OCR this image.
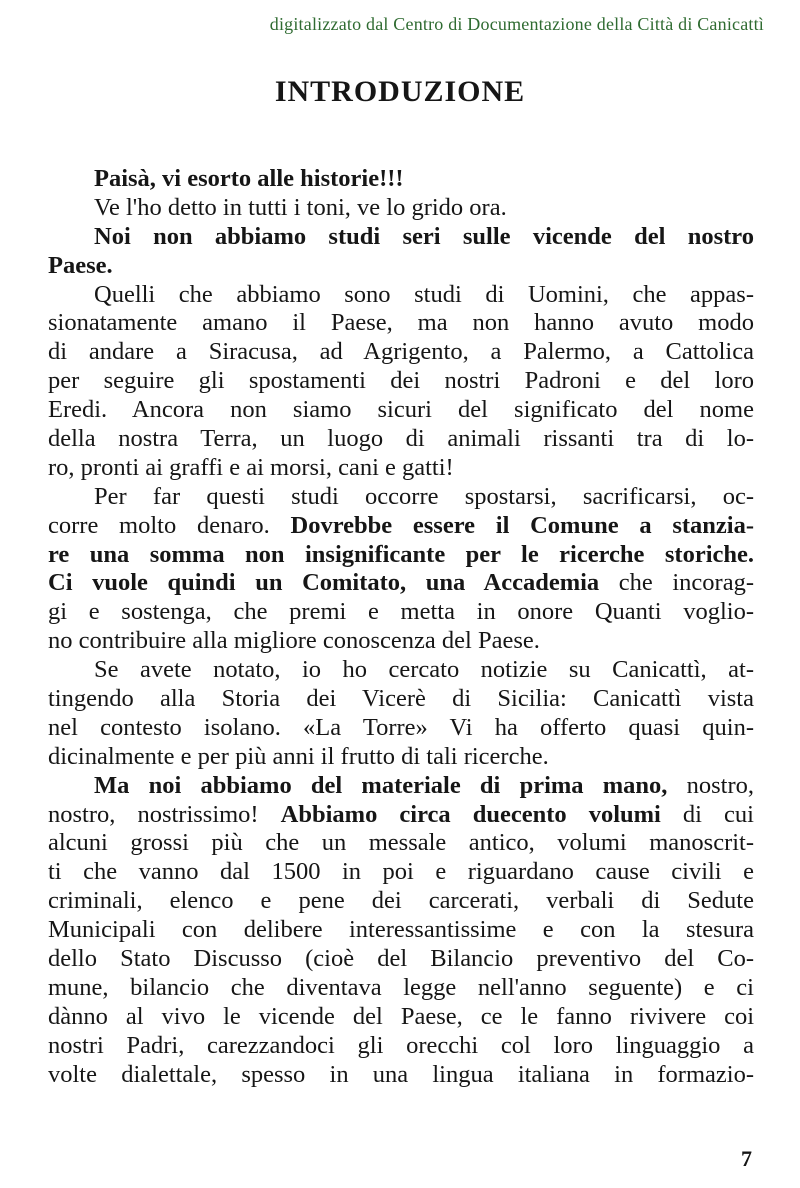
digitalizzato dal Centro di Documentazione della Città di Canicattì
INTRODUZIONE
Paisà, vi esorto alle historie!!!
Ve l'ho detto in tutti i toni, ve lo grido ora.
Noi non abbiamo studi seri sulle vicende del nostro
Paese.
Quelli che abbiamo sono studi di Uomini, che appas-
sionatamente amano il Paese, ma non hanno avuto modo
di andare a Siracusa, ad Agrigento, a Palermo, a Cattolica
per seguire gli spostamenti dei nostri Padroni e del loro
Eredi. Ancora non siamo sicuri del significato del nome
della nostra Terra, un luogo di animali rissanti tra di lo-
ro, pronti ai graffi e ai morsi, cani e gatti!
Per far questi studi occorre spostarsi, sacrificarsi, oc-
corre molto denaro. Dovrebbe essere il Comune a stanzia-
re una somma non insignificante per le ricerche storiche.
Ci vuole quindi un Comitato, una Accademia che incorag-
gi e sostenga, che premi e metta in onore Quanti voglio-
no contribuire alla migliore conoscenza del Paese.
Se avete notato, io ho cercato notizie su Canicattì, at-
tingendo alla Storia dei Vicerè di Sicilia: Canicattì vista
nel contesto isolano. «La Torre» Vi ha offerto quasi quin-
dicinalmente e per più anni il frutto di tali ricerche.
Ma noi abbiamo del materiale di prima mano, nostro,
nostro, nostrissimo! Abbiamo circa duecento volumi di cui
alcuni grossi più che un messale antico, volumi manoscrit-
ti che vanno dal 1500 in poi e riguardano cause civili e
criminali, elenco e pene dei carcerati, verbali di Sedute
Municipali con delibere interessantissime e con la stesura
dello Stato Discusso (cioè del Bilancio preventivo del Co-
mune, bilancio che diventava legge nell'anno seguente) e ci
dànno al vivo le vicende del Paese, ce le fanno rivivere coi
nostri Padri, carezzandoci gli orecchi col loro linguaggio a
volte dialettale, spesso in una lingua italiana in formazio-
7
